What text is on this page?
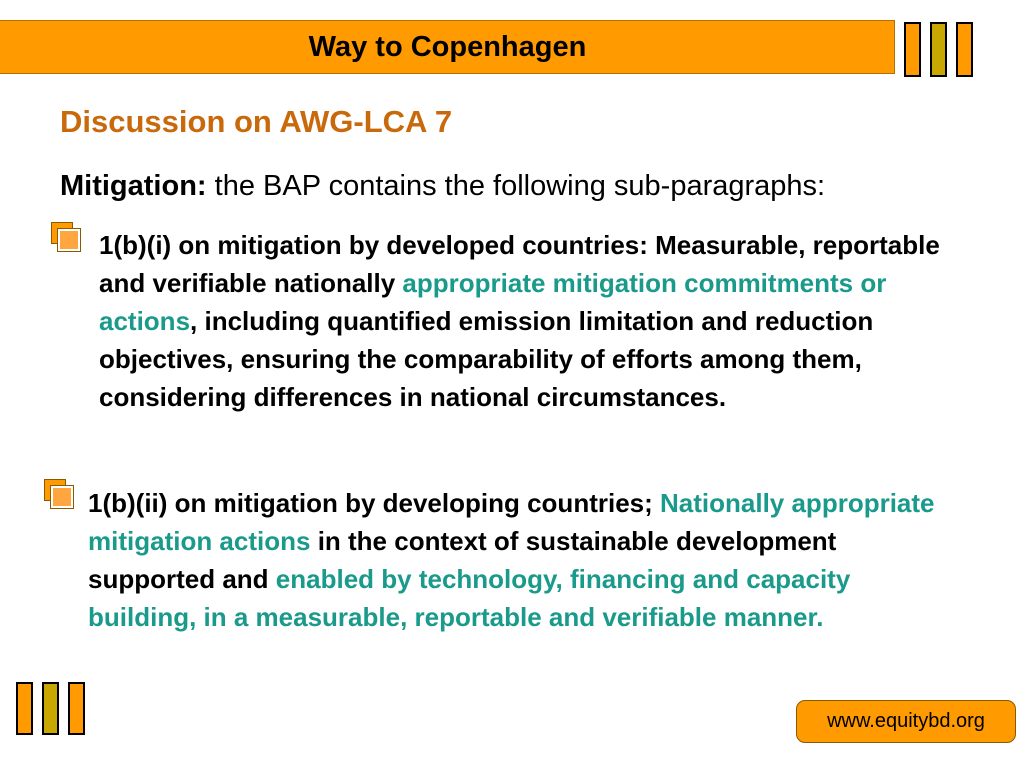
Way to Copenhagen
Discussion on AWG-LCA 7
Mitigation: the BAP contains the following sub-paragraphs:
1(b)(i) on mitigation by developed countries: Measurable, reportable and verifiable nationally appropriate mitigation commitments or actions, including quantified emission limitation and reduction objectives, ensuring the comparability of efforts among them, considering differences in national circumstances.
1(b)(ii) on mitigation by developing countries; Nationally appropriate mitigation actions in the context of sustainable development supported and enabled by technology, financing and capacity building, in a measurable, reportable and verifiable manner.
www.equitybd.org
